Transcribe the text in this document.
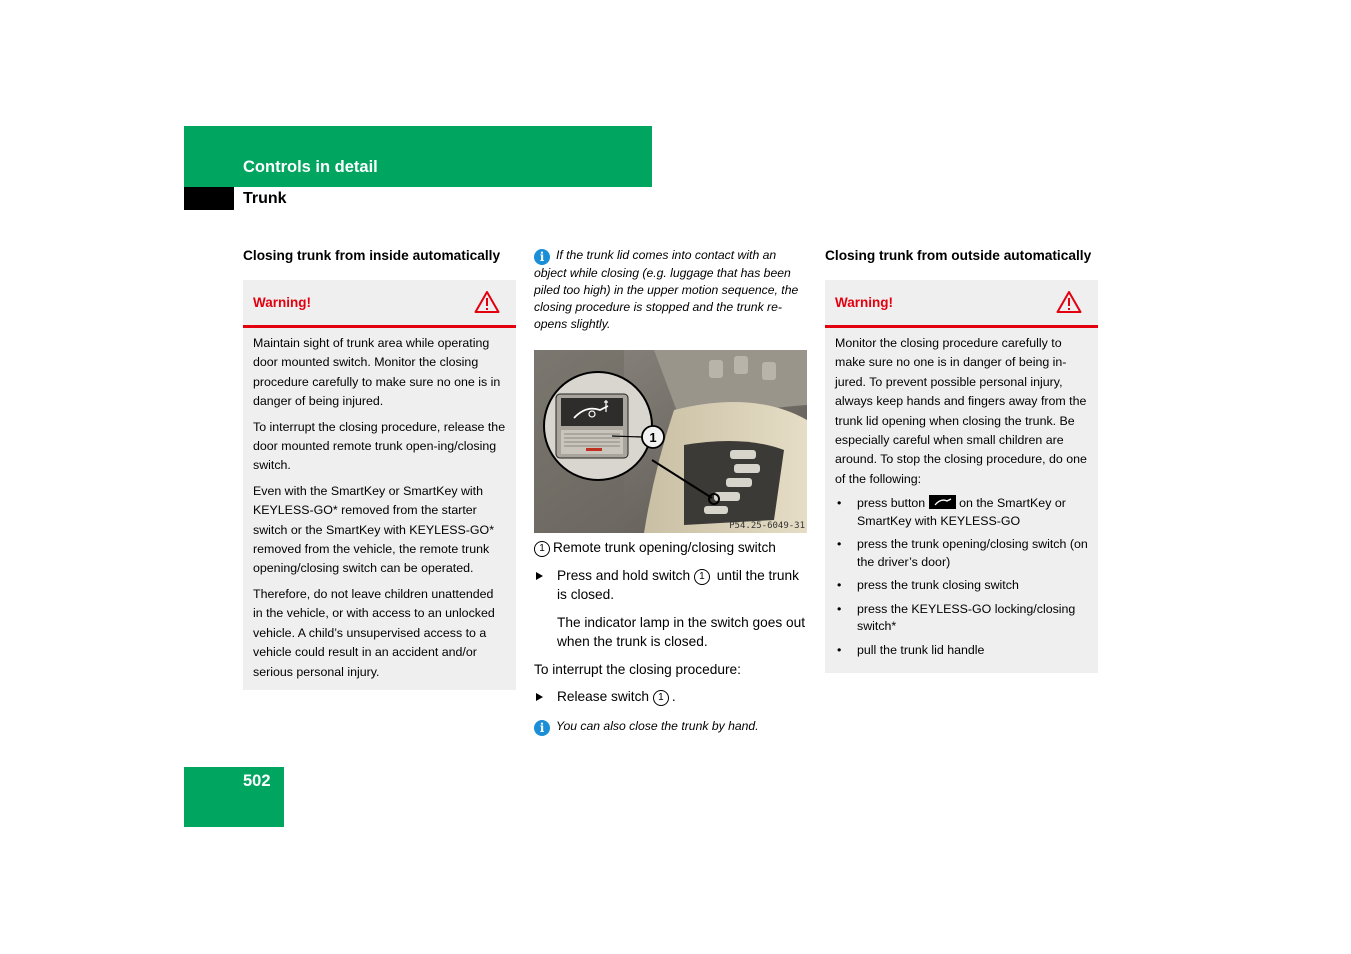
Controls in detail
Trunk
Closing trunk from inside automatically
Warning!

Maintain sight of trunk area while operating door mounted switch. Monitor the closing procedure carefully to make sure no one is in danger of being injured.

To interrupt the closing procedure, release the door mounted remote trunk open-ing/closing switch.

Even with the SmartKey or SmartKey with KEYLESS-GO* removed from the starter switch or the SmartKey with KEYLESS-GO* removed from the vehicle, the remote trunk opening/closing switch can be operated.

Therefore, do not leave children unattended in the vehicle, or with access to an unlocked vehicle. A child’s unsupervised access to a vehicle could result in an accident and/or serious personal injury.

i If the trunk lid comes into contact with an object while closing (e.g. luggage that has been piled too high) in the upper motion sequence, the closing procedure is stopped and the trunk re-opens slightly.
1
P54.25-6049-31
1 Remote trunk opening/closing switch
Press and hold switch 1 until the trunk is closed.
The indicator lamp in the switch goes out when the trunk is closed.
To interrupt the closing procedure:
Release switch 1 .
i You can also close the trunk by hand.
Closing trunk from outside automatically
Warning!

Monitor the closing procedure carefully to make sure no one is in danger of being in-jured. To prevent possible personal injury, always keep hands and fingers away from the trunk lid opening when closing the trunk. Be especially careful when small children are around. To stop the closing procedure, do one of the following:

• press button	on the SmartKey or SmartKey with KEYLESS-GO
• press the trunk opening/closing switch (on the driver’s door)
• press the trunk closing switch
• press the KEYLESS-GO locking/closing switch*
• pull the trunk lid handle
502
